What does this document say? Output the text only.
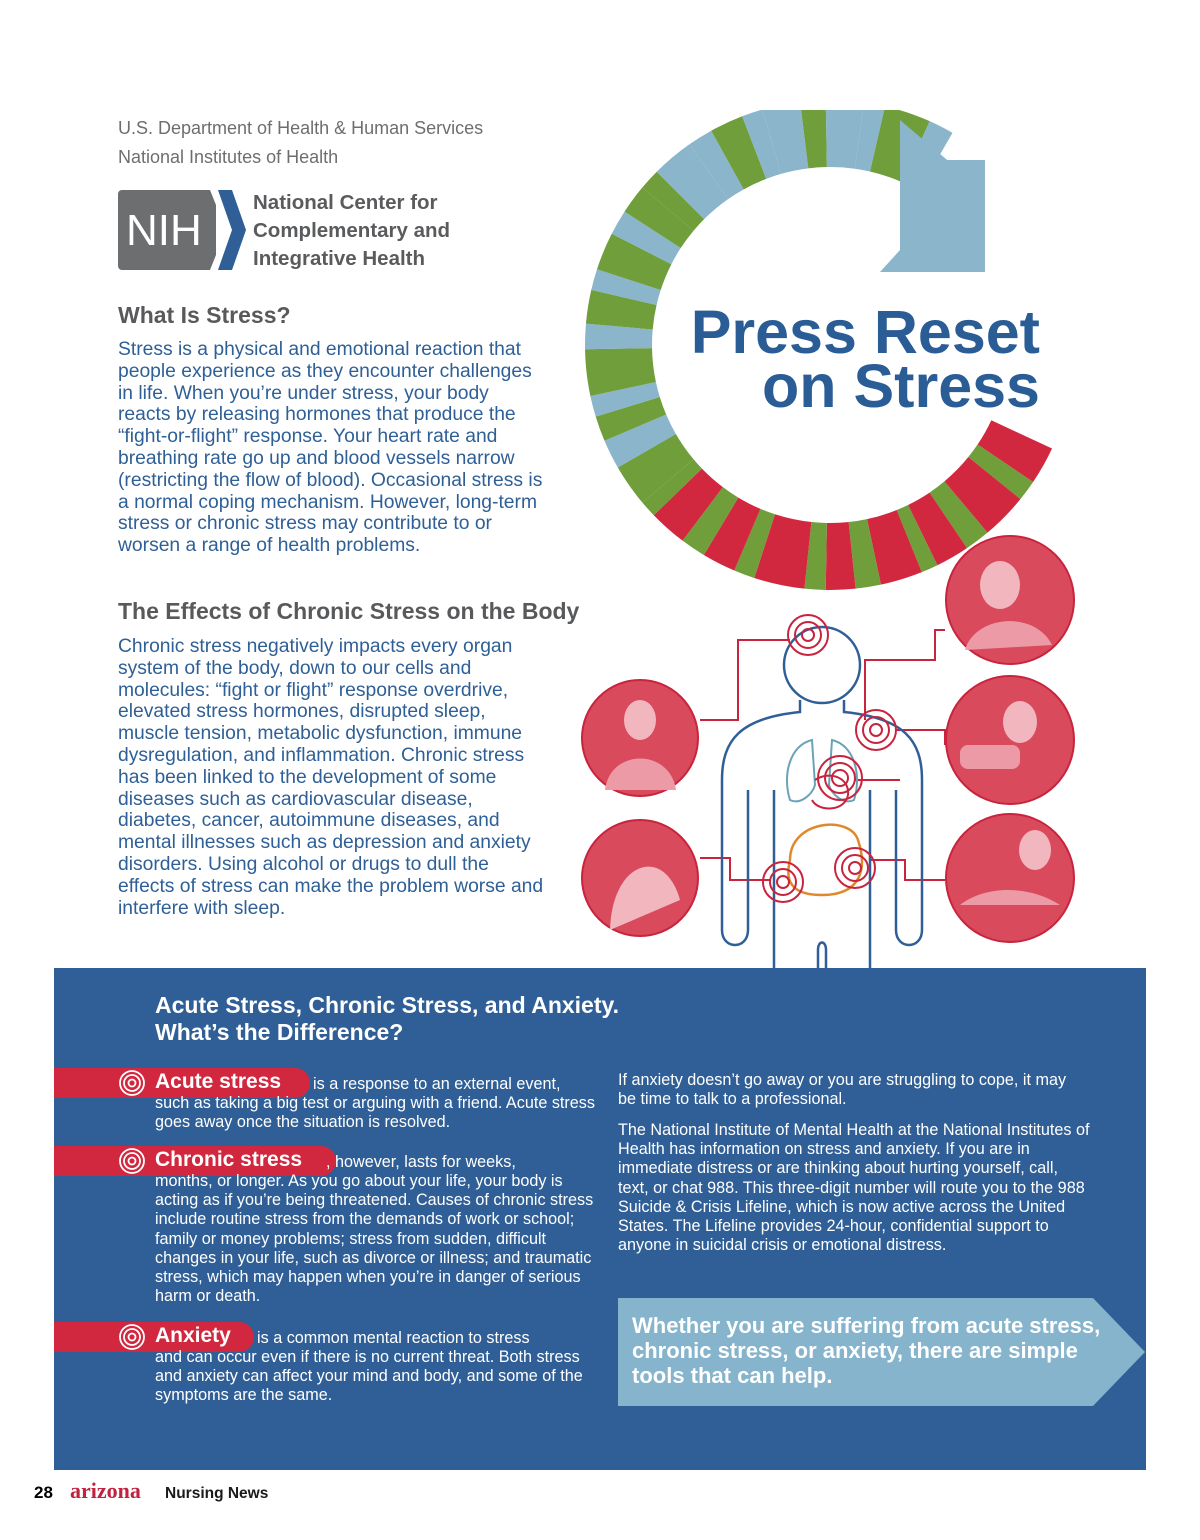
U.S. Department of Health & Human Services
National Institutes of Health
NIH
National Center for
Complementary and
Integrative Health
What Is Stress?
Stress is a physical and emotional reaction that people experience as they encounter challenges in life. When you’re under stress, your body reacts by releasing hormones that produce the “fight-or-flight” response. Your heart rate and breathing rate go up and blood vessels narrow (restricting the flow of blood). Occasional stress is a normal coping mechanism. However, long-term stress or chronic stress may contribute to or worsen a range of health problems.
Press Reset
on Stress
The Effects of Chronic Stress on the Body
Chronic stress negatively impacts every organ system of the body, down to our cells and molecules: “fight or flight” response overdrive, elevated stress hormones, disrupted sleep, muscle tension, metabolic dysfunction, immune dysregulation, and inflammation. Chronic stress has been linked to the development of some diseases such as cardiovascular disease, diabetes, cancer, autoimmune diseases, and mental illnesses such as depression and anxiety disorders. Using alcohol or drugs to dull the effects of stress can make the problem worse and interfere with sleep.
Acute Stress, Chronic Stress, and Anxiety.
What’s the Difference?
Acute stress is a response to an external event,
such as taking a big test or arguing with a friend. Acute stress goes away once the situation is resolved.
Chronic stress , however, lasts for weeks,
months, or longer. As you go about your life, your body is acting as if you’re being threatened. Causes of chronic stress include routine stress from the demands of work or school; family or money problems; stress from sudden, difficult changes in your life, such as divorce or illness; and traumatic stress, which may happen when you’re in danger of serious harm or death.
Anxiety is a common mental reaction to stress
and can occur even if there is no current threat. Both stress and anxiety can affect your mind and body, and some of the symptoms are the same.
If anxiety doesn’t go away or you are struggling to cope, it may be time to talk to a professional.
The National Institute of Mental Health at the National Institutes of Health has information on stress and anxiety. If you are in immediate distress or are thinking about hurting yourself, call, text, or chat 988. This three-digit number will route you to the 988 Suicide & Crisis Lifeline, which is now active across the United States. The Lifeline provides 24-hour, confidential support to anyone in suicidal crisis or emotional distress.
Whether you are suffering from acute stress, chronic stress, or anxiety, there are simple tools that can help.
28 arizona Nursing News
